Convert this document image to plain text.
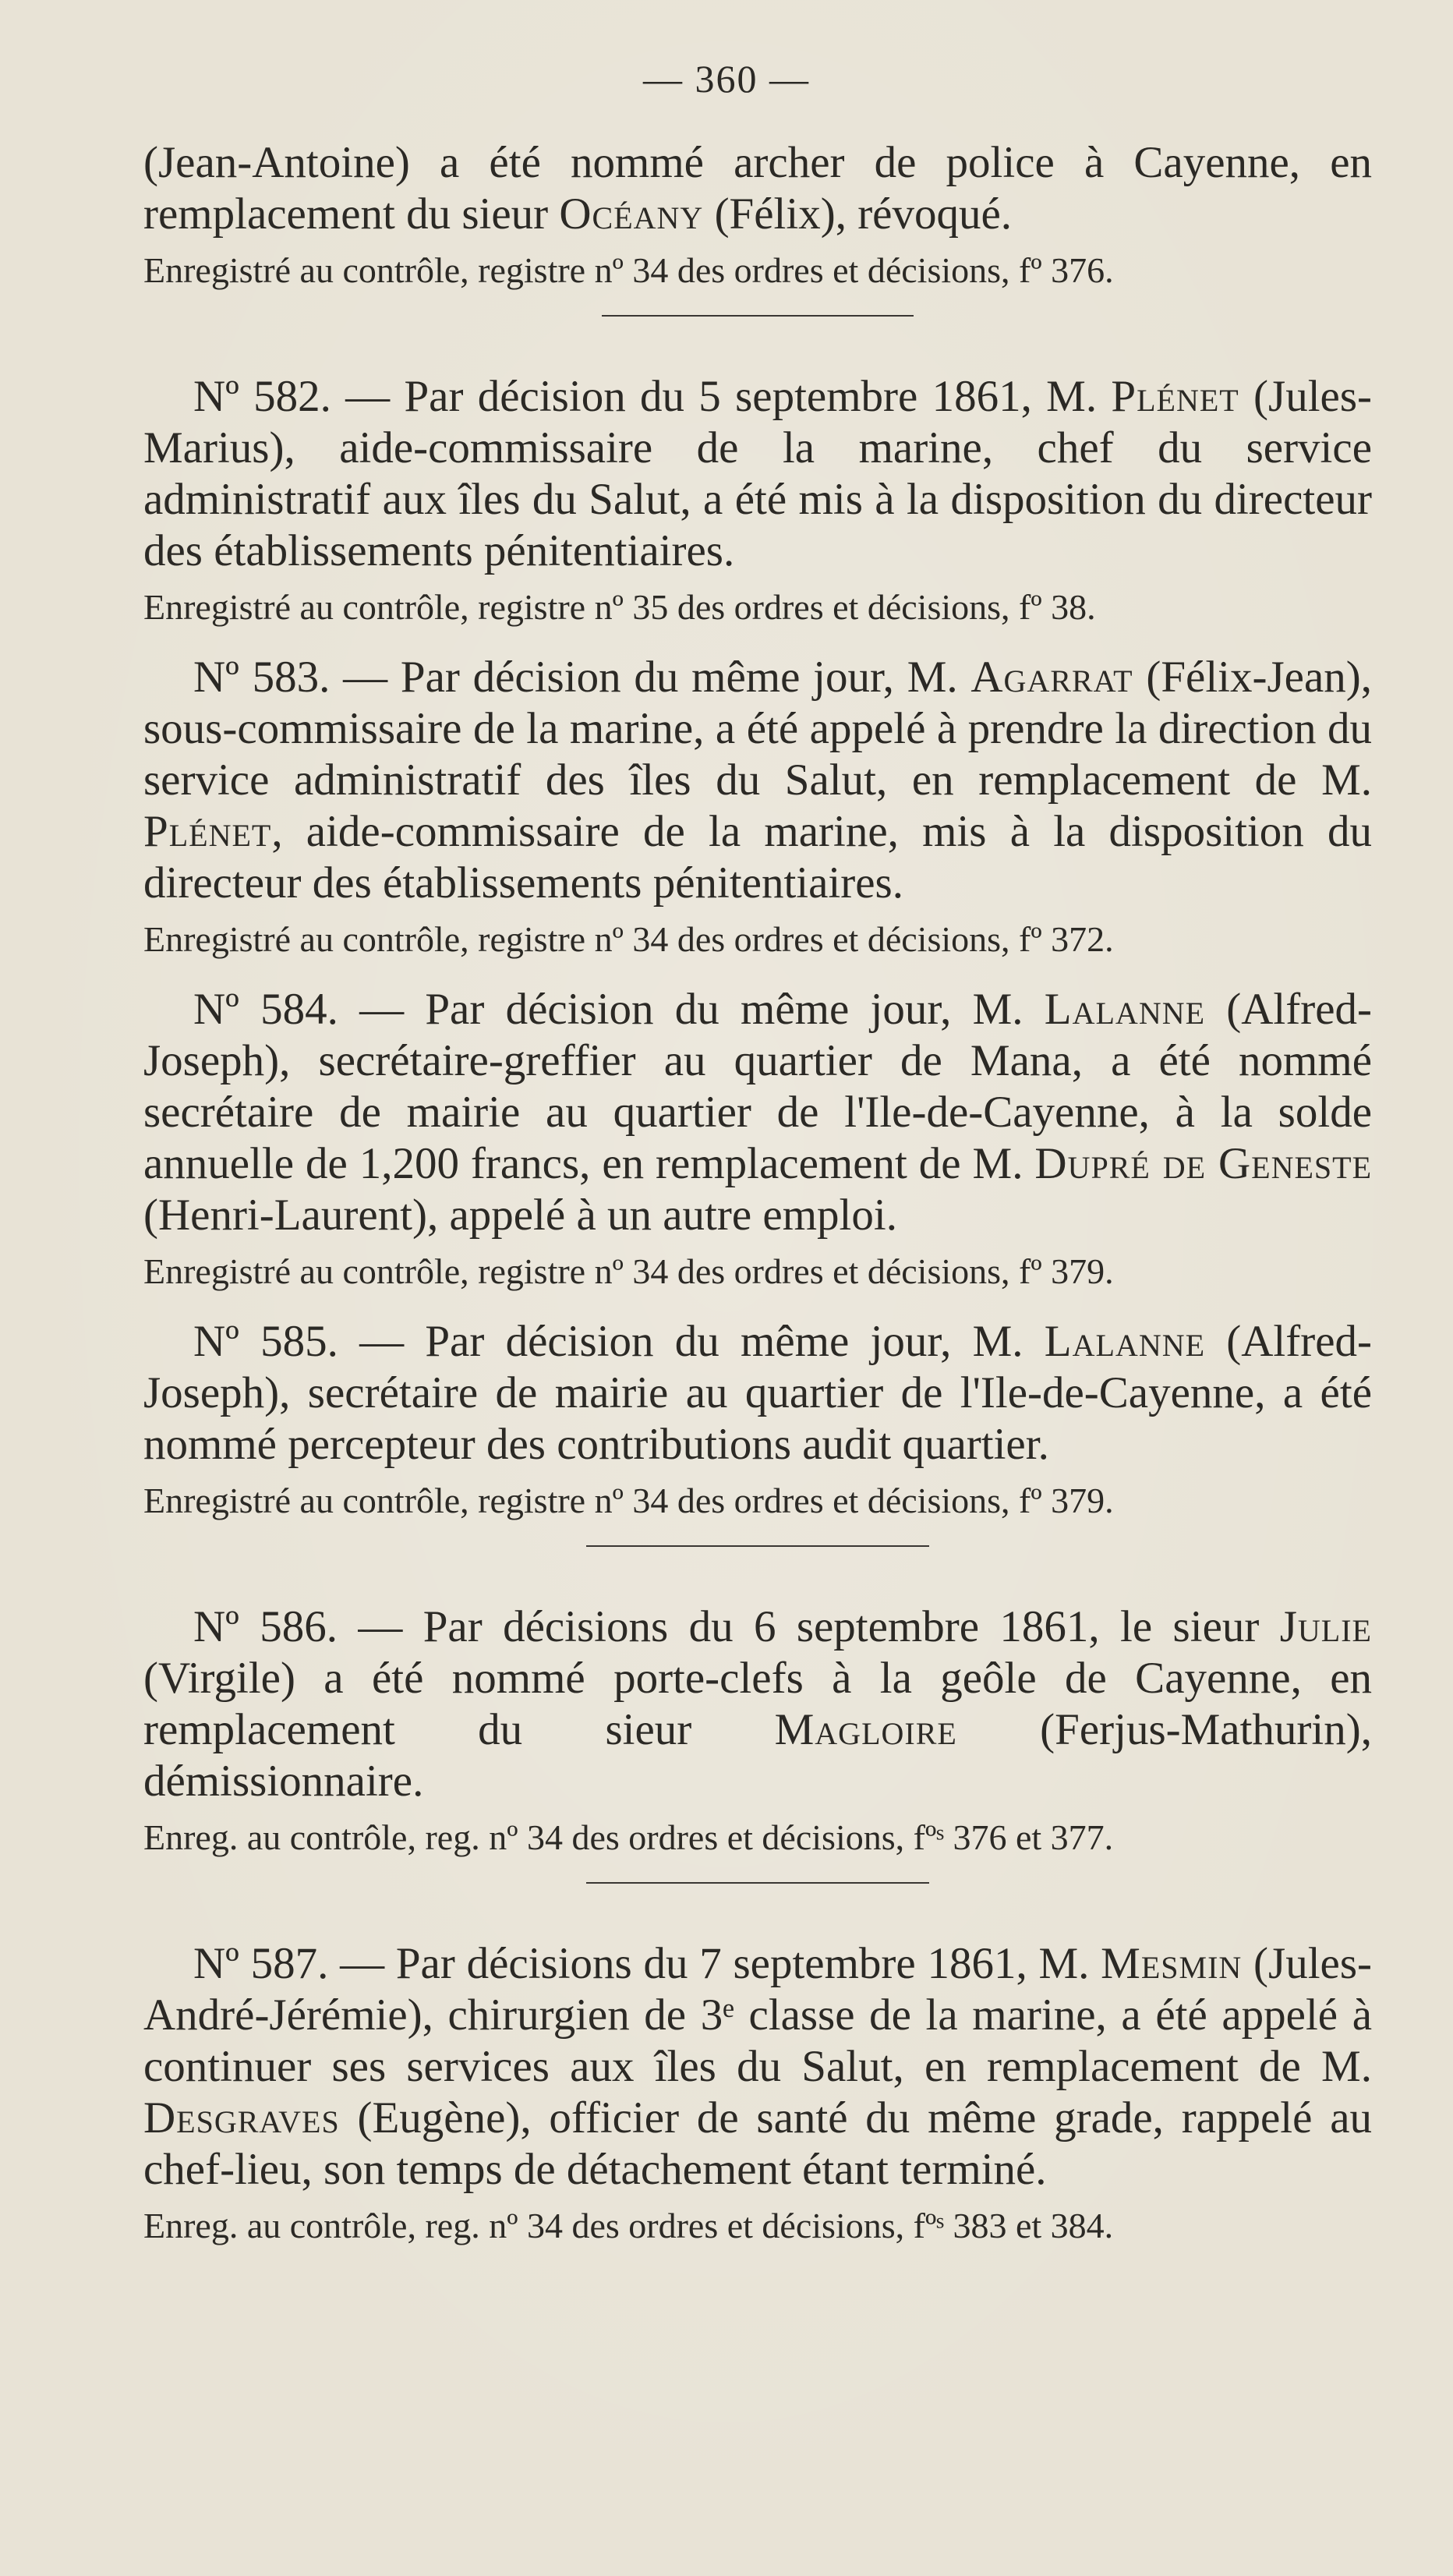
— 360 —

(Jean-Antoine) a été nommé archer de police à Cayenne, en remplacement du sieur Océany (Félix), révoqué.

Enregistré au contrôle, registre nº 34 des ordres et décisions, fº 376.

Nº 582. — Par décision du 5 septembre 1861, M. Plénet (Jules-Marius), aide-commissaire de la marine, chef du service administratif aux îles du Salut, a été mis à la disposition du directeur des établissements pénitentiaires.

Enregistré au contrôle, registre nº 35 des ordres et décisions, fº 38.

Nº 583. — Par décision du même jour, M. Agarrat (Félix-Jean), sous-commissaire de la marine, a été appelé à prendre la direction du service administratif des îles du Salut, en remplacement de M. Plénet, aide-commissaire de la marine, mis à la disposition du directeur des établissements pénitentiaires.

Enregistré au contrôle, registre nº 34 des ordres et décisions, fº 372.

Nº 584. — Par décision du même jour, M. Lalanne (Alfred-Joseph), secrétaire-greffier au quartier de Mana, a été nommé secrétaire de mairie au quartier de l'Ile-de-Cayenne, à la solde annuelle de 1,200 francs, en remplacement de M. Dupré de Geneste (Henri-Laurent), appelé à un autre emploi.

Enregistré au contrôle, registre nº 34 des ordres et décisions, fº 379.

Nº 585. — Par décision du même jour, M. Lalanne (Alfred-Joseph), secrétaire de mairie au quartier de l'Ile-de-Cayenne, a été nommé percepteur des contributions audit quartier.

Enregistré au contrôle, registre nº 34 des ordres et décisions, fº 379.

Nº 586. — Par décisions du 6 septembre 1861, le sieur Julie (Virgile) a été nommé porte-clefs à la geôle de Cayenne, en remplacement du sieur Magloire (Ferjus-Mathurin), démissionnaire.

Enreg. au contrôle, reg. nº 34 des ordres et décisions, fºˢ 376 et 377.

Nº 587. — Par décisions du 7 septembre 1861, M. Mesmin (Jules-André-Jérémie), chirurgien de 3ᵉ classe de la marine, a été appelé à continuer ses services aux îles du Salut, en remplacement de M. Desgraves (Eugène), officier de santé du même grade, rappelé au chef-lieu, son temps de détachement étant terminé.

Enreg. au contrôle, reg. nº 34 des ordres et décisions, fºˢ 383 et 384.
